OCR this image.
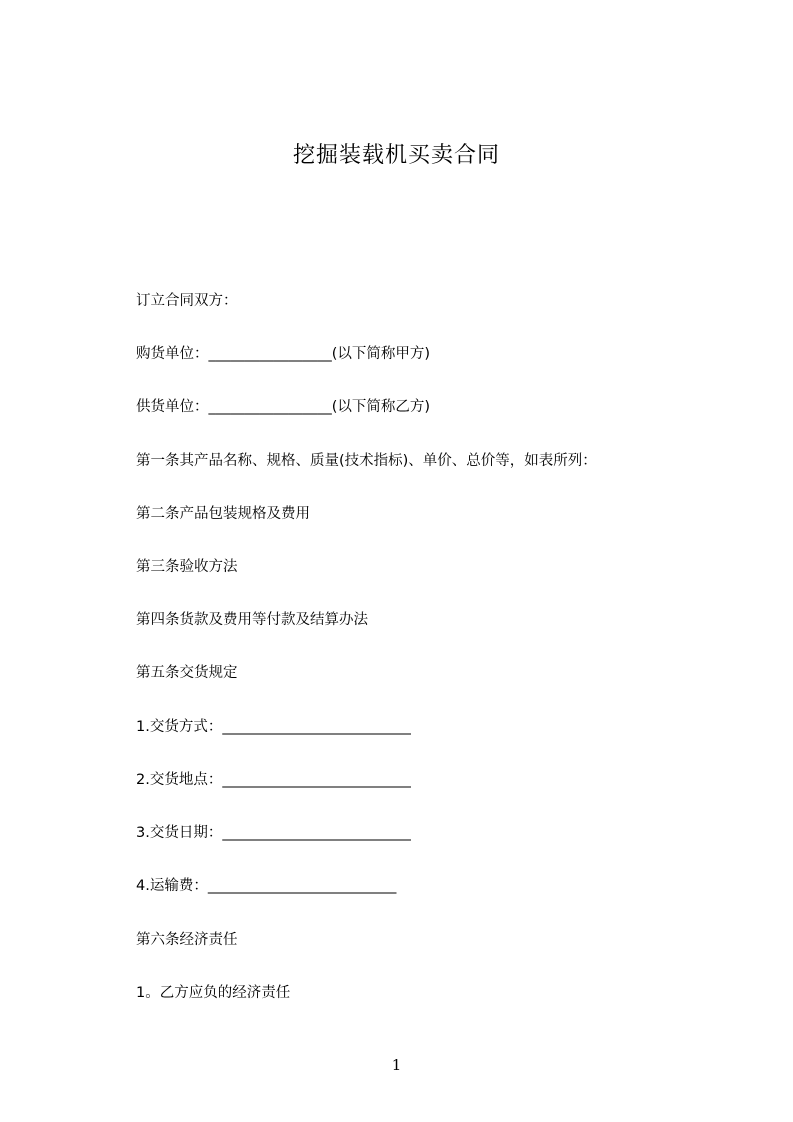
挖掘装载机买卖合同
订立合同双方：
购货单位：_________________(以下简称甲方)
供货单位：_________________(以下简称乙方)
第一条其产品名称、规格、质量(技术指标)、单价、总价等，如表所列：
第二条产品包装规格及费用
第三条验收方法
第四条货款及费用等付款及结算办法
第五条交货规定
1.交货方式：__________________________
2.交货地点：__________________________
3.交货日期：__________________________
4.运输费：__________________________
第六条经济责任
1。乙方应负的经济责任
1
